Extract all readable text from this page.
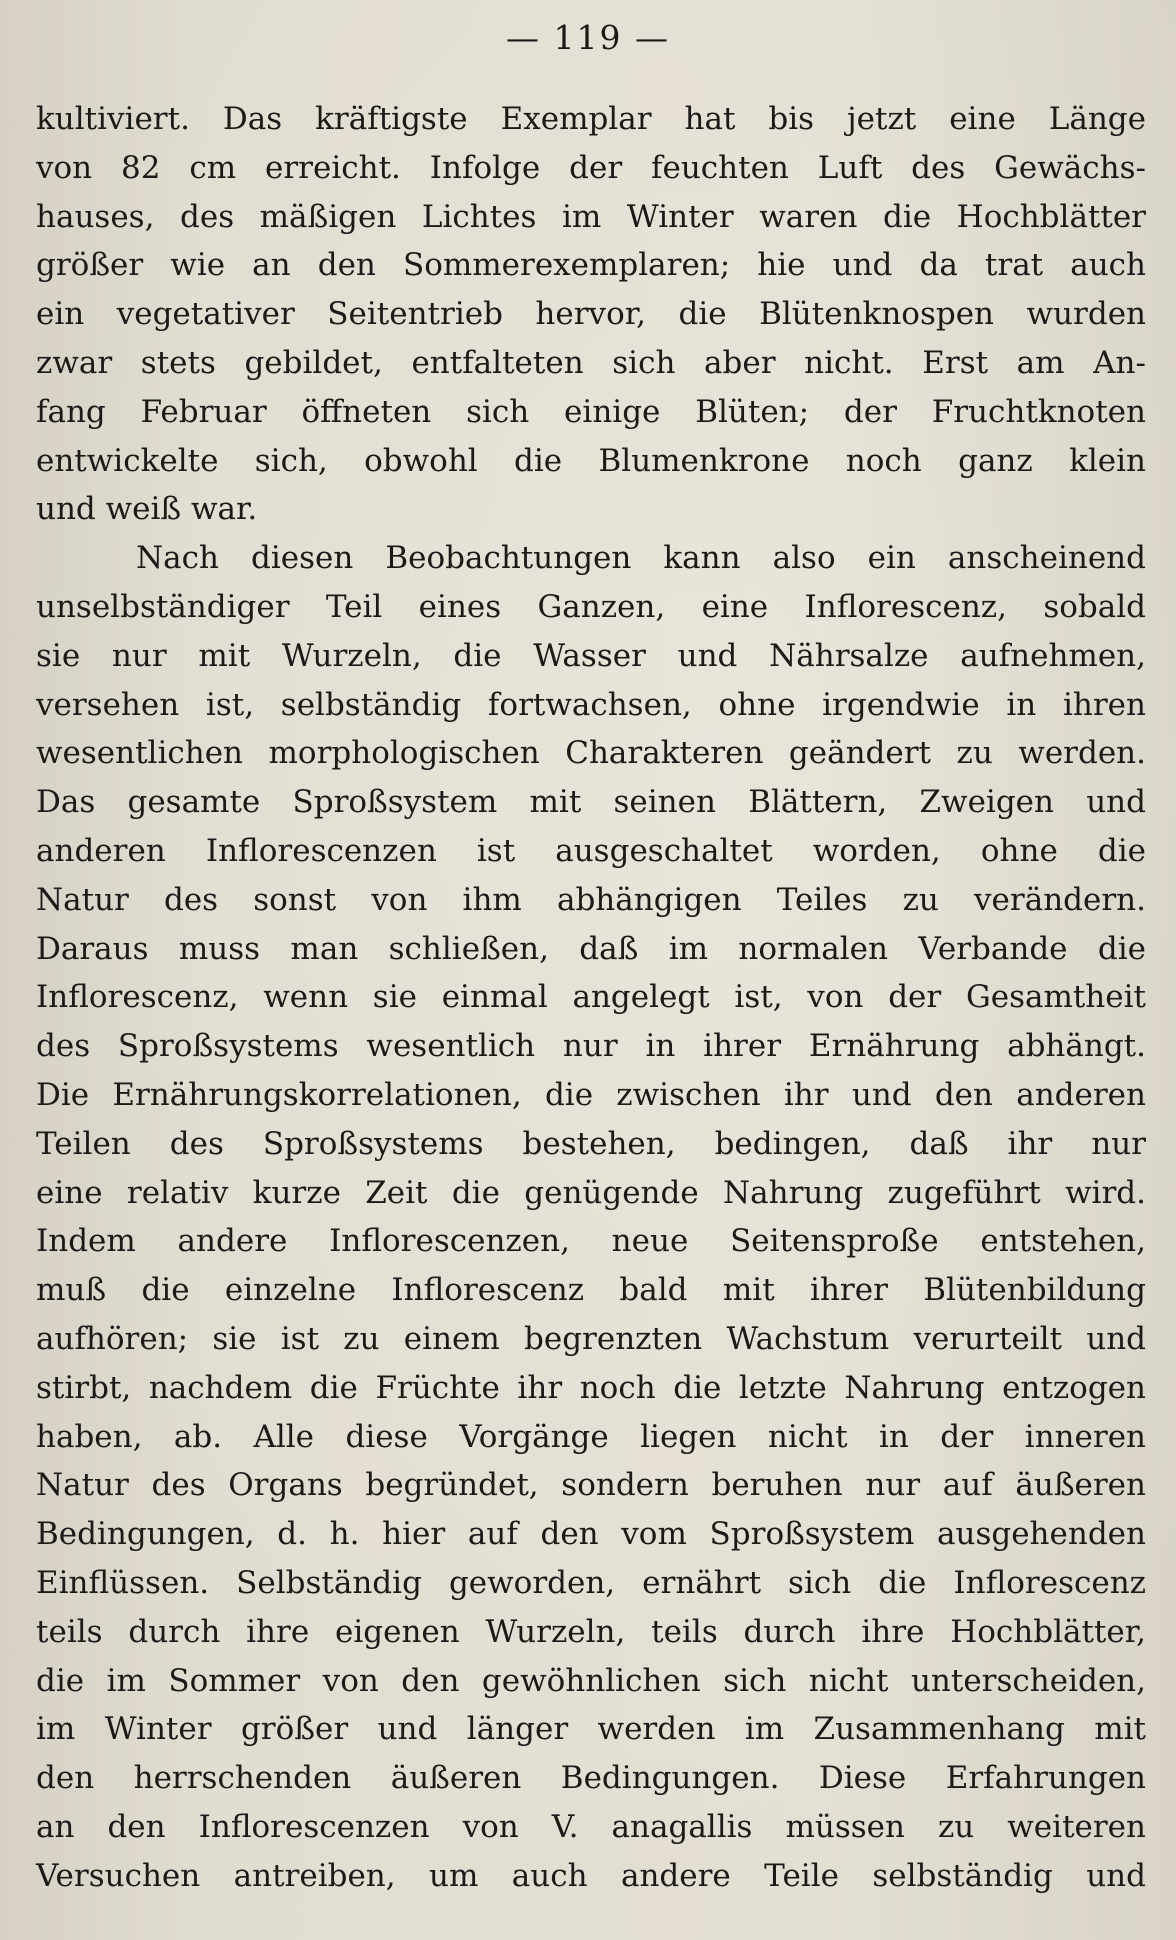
— 119 —

kultiviert. Das kräftigste Exemplar hat bis jetzt eine Länge
von 82 cm erreicht. Infolge der feuchten Luft des Gewächs-
hauses, des mäßigen Lichtes im Winter waren die Hochblätter
größer wie an den Sommerexemplaren; hie und da trat auch
ein vegetativer Seitentrieb hervor, die Blütenknospen wurden
zwar stets gebildet, entfalteten sich aber nicht. Erst am An-
fang Februar öffneten sich einige Blüten; der Fruchtknoten
entwickelte sich, obwohl die Blumenkrone noch ganz klein
und weiß war.

Nach diesen Beobachtungen kann also ein anscheinend
unselbständiger Teil eines Ganzen, eine Inflorescenz, sobald
sie nur mit Wurzeln, die Wasser und Nährsalze aufnehmen,
versehen ist, selbständig fortwachsen, ohne irgendwie in ihren
wesentlichen morphologischen Charakteren geändert zu werden.
Das gesamte Sproßsystem mit seinen Blättern, Zweigen und
anderen Inflorescenzen ist ausgeschaltet worden, ohne die
Natur des sonst von ihm abhängigen Teiles zu verändern.
Daraus muss man schließen, daß im normalen Verbande die
Inflorescenz, wenn sie einmal angelegt ist, von der Gesamtheit
des Sproßsystems wesentlich nur in ihrer Ernährung abhängt.
Die Ernährungskorrelationen, die zwischen ihr und den anderen
Teilen des Sproßsystems bestehen, bedingen, daß ihr nur
eine relativ kurze Zeit die genügende Nahrung zugeführt wird.
Indem andere Inflorescenzen, neue Seitensproße entstehen,
muß die einzelne Inflorescenz bald mit ihrer Blütenbildung
aufhören; sie ist zu einem begrenzten Wachstum verurteilt und
stirbt, nachdem die Früchte ihr noch die letzte Nahrung entzogen
haben, ab. Alle diese Vorgänge liegen nicht in der inneren
Natur des Organs begründet, sondern beruhen nur auf äußeren
Bedingungen, d. h. hier auf den vom Sproßsystem ausgehenden
Einflüssen. Selbständig geworden, ernährt sich die Inflorescenz
teils durch ihre eigenen Wurzeln, teils durch ihre Hochblätter,
die im Sommer von den gewöhnlichen sich nicht unterscheiden,
im Winter größer und länger werden im Zusammenhang mit
den herrschenden äußeren Bedingungen. Diese Erfahrungen
an den Inflorescenzen von V. anagallis müssen zu weiteren
Versuchen antreiben, um auch andere Teile selbständig und
